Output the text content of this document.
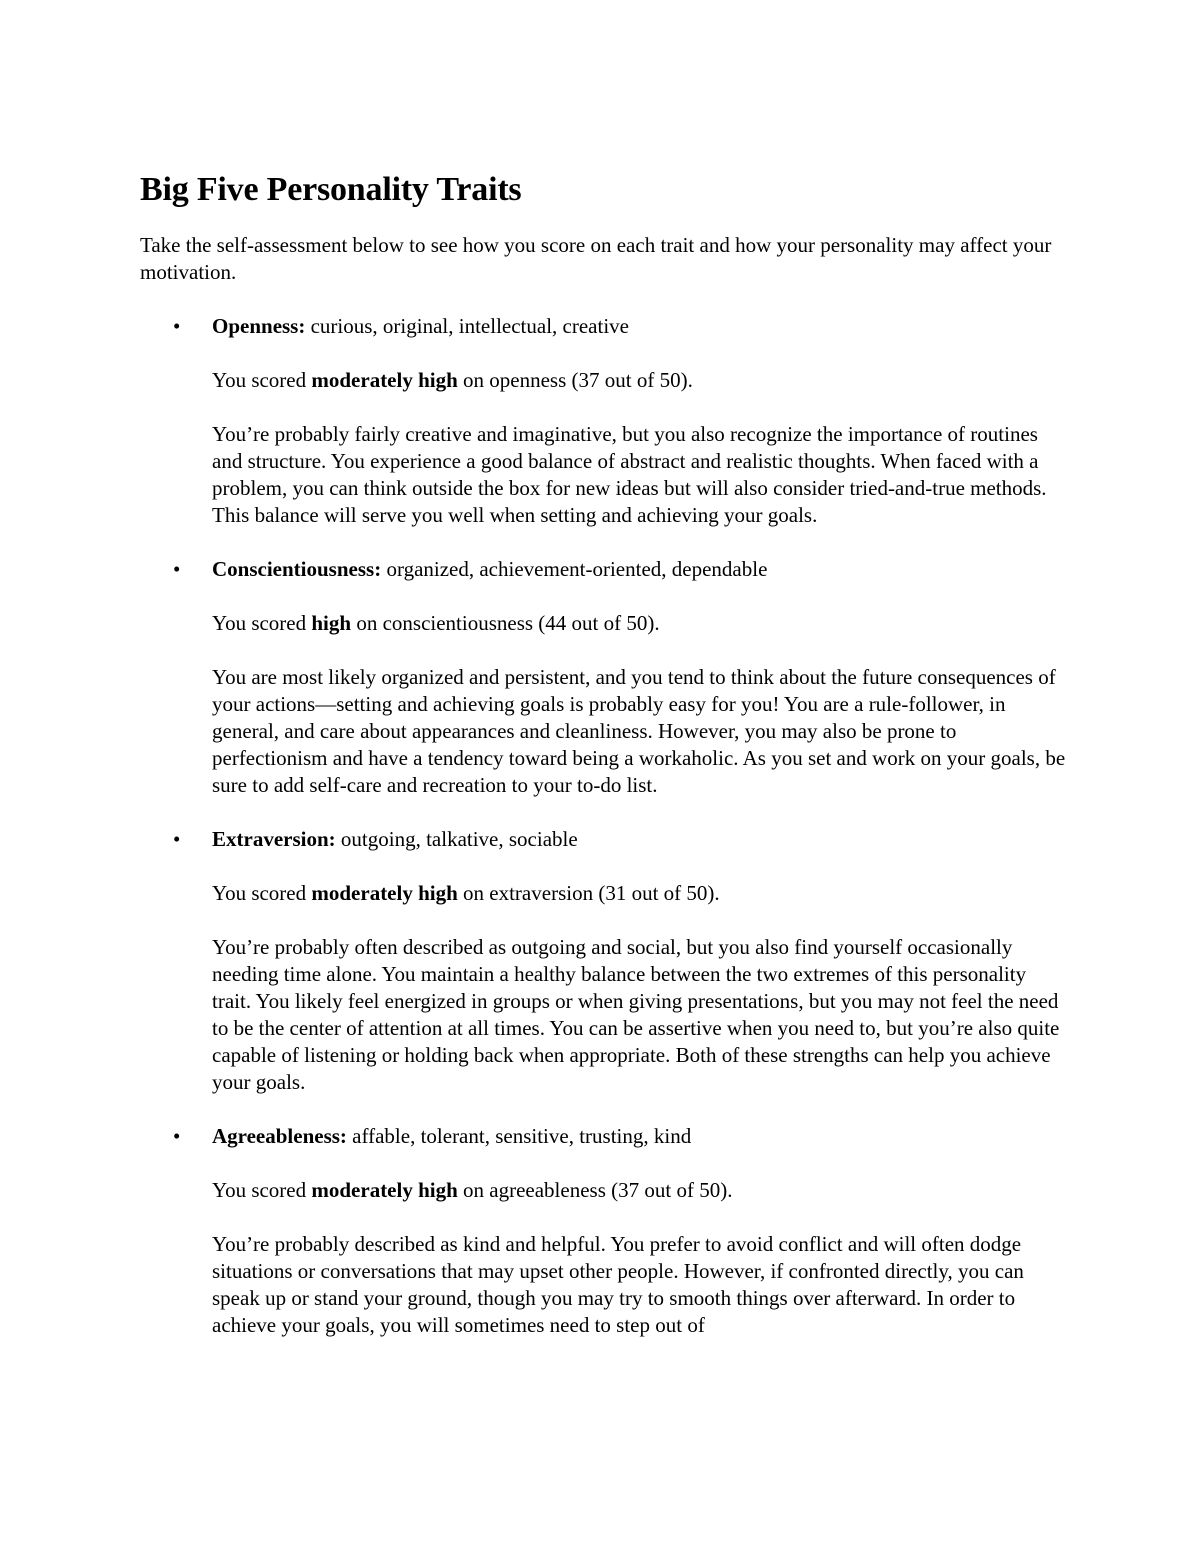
Big Five Personality Traits

Take the self-assessment below to see how you score on each trait and how your personality may affect your motivation.

• Openness: curious, original, intellectual, creative

You scored moderately high on openness (37 out of 50).

You’re probably fairly creative and imaginative, but you also recognize the importance of routines and structure. You experience a good balance of abstract and realistic thoughts. When faced with a problem, you can think outside the box for new ideas but will also consider tried-and-true methods. This balance will serve you well when setting and achieving your goals.

• Conscientiousness: organized, achievement-oriented, dependable

You scored high on conscientiousness (44 out of 50).

You are most likely organized and persistent, and you tend to think about the future consequences of your actions—setting and achieving goals is probably easy for you! You are a rule-follower, in general, and care about appearances and cleanliness. However, you may also be prone to perfectionism and have a tendency toward being a workaholic. As you set and work on your goals, be sure to add self-care and recreation to your to-do list.

• Extraversion: outgoing, talkative, sociable

You scored moderately high on extraversion (31 out of 50).

You’re probably often described as outgoing and social, but you also find yourself occasionally needing time alone. You maintain a healthy balance between the two extremes of this personality trait. You likely feel energized in groups or when giving presentations, but you may not feel the need to be the center of attention at all times. You can be assertive when you need to, but you’re also quite capable of listening or holding back when appropriate. Both of these strengths can help you achieve your goals.

• Agreeableness: affable, tolerant, sensitive, trusting, kind

You scored moderately high on agreeableness (37 out of 50).

You’re probably described as kind and helpful. You prefer to avoid conflict and will often dodge situations or conversations that may upset other people. However, if confronted directly, you can speak up or stand your ground, though you may try to smooth things over afterward. In order to achieve your goals, you will sometimes need to step out of
